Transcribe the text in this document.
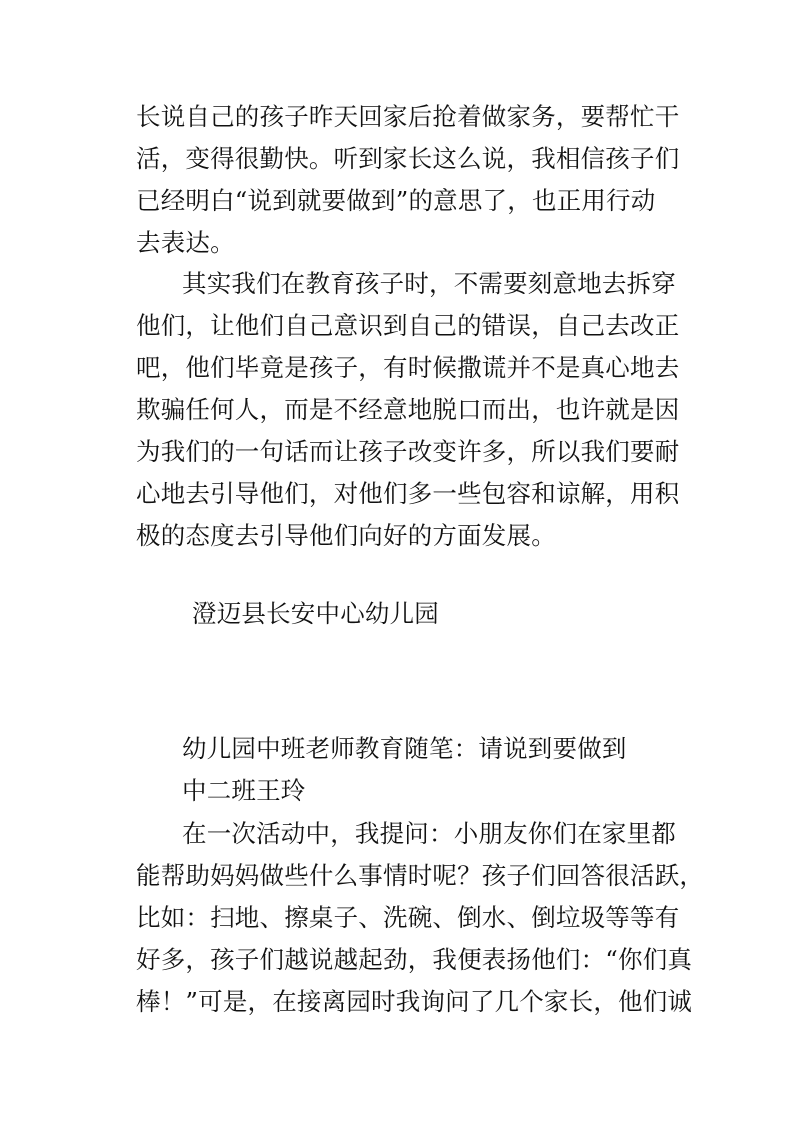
长说自己的孩子昨天回家后抢着做家务，要帮忙干
活，变得很勤快。听到家长这么说，我相信孩子们
已经明白“说到就要做到”的意思了，也正用行动
去表达。
其实我们在教育孩子时，不需要刻意地去拆穿
他们，让他们自己意识到自己的错误，自己去改正
吧，他们毕竟是孩子，有时候撒谎并不是真心地去
欺骗任何人，而是不经意地脱口而出，也许就是因
为我们的一句话而让孩子改变许多，所以我们要耐
心地去引导他们，对他们多一些包容和谅解，用积
极的态度去引导他们向好的方面发展。
澄迈县长安中心幼儿园
幼儿园中班老师教育随笔：请说到要做到
中二班王玲
在一次活动中，我提问：小朋友你们在家里都
能帮助妈妈做些什么事情时呢？孩子们回答很活跃，
比如：扫地、擦桌子、洗碗、倒水、倒垃圾等等有
好多，孩子们越说越起劲，我便表扬他们：“你们真
棒！”可是，在接离园时我询问了几个家长，他们诚
